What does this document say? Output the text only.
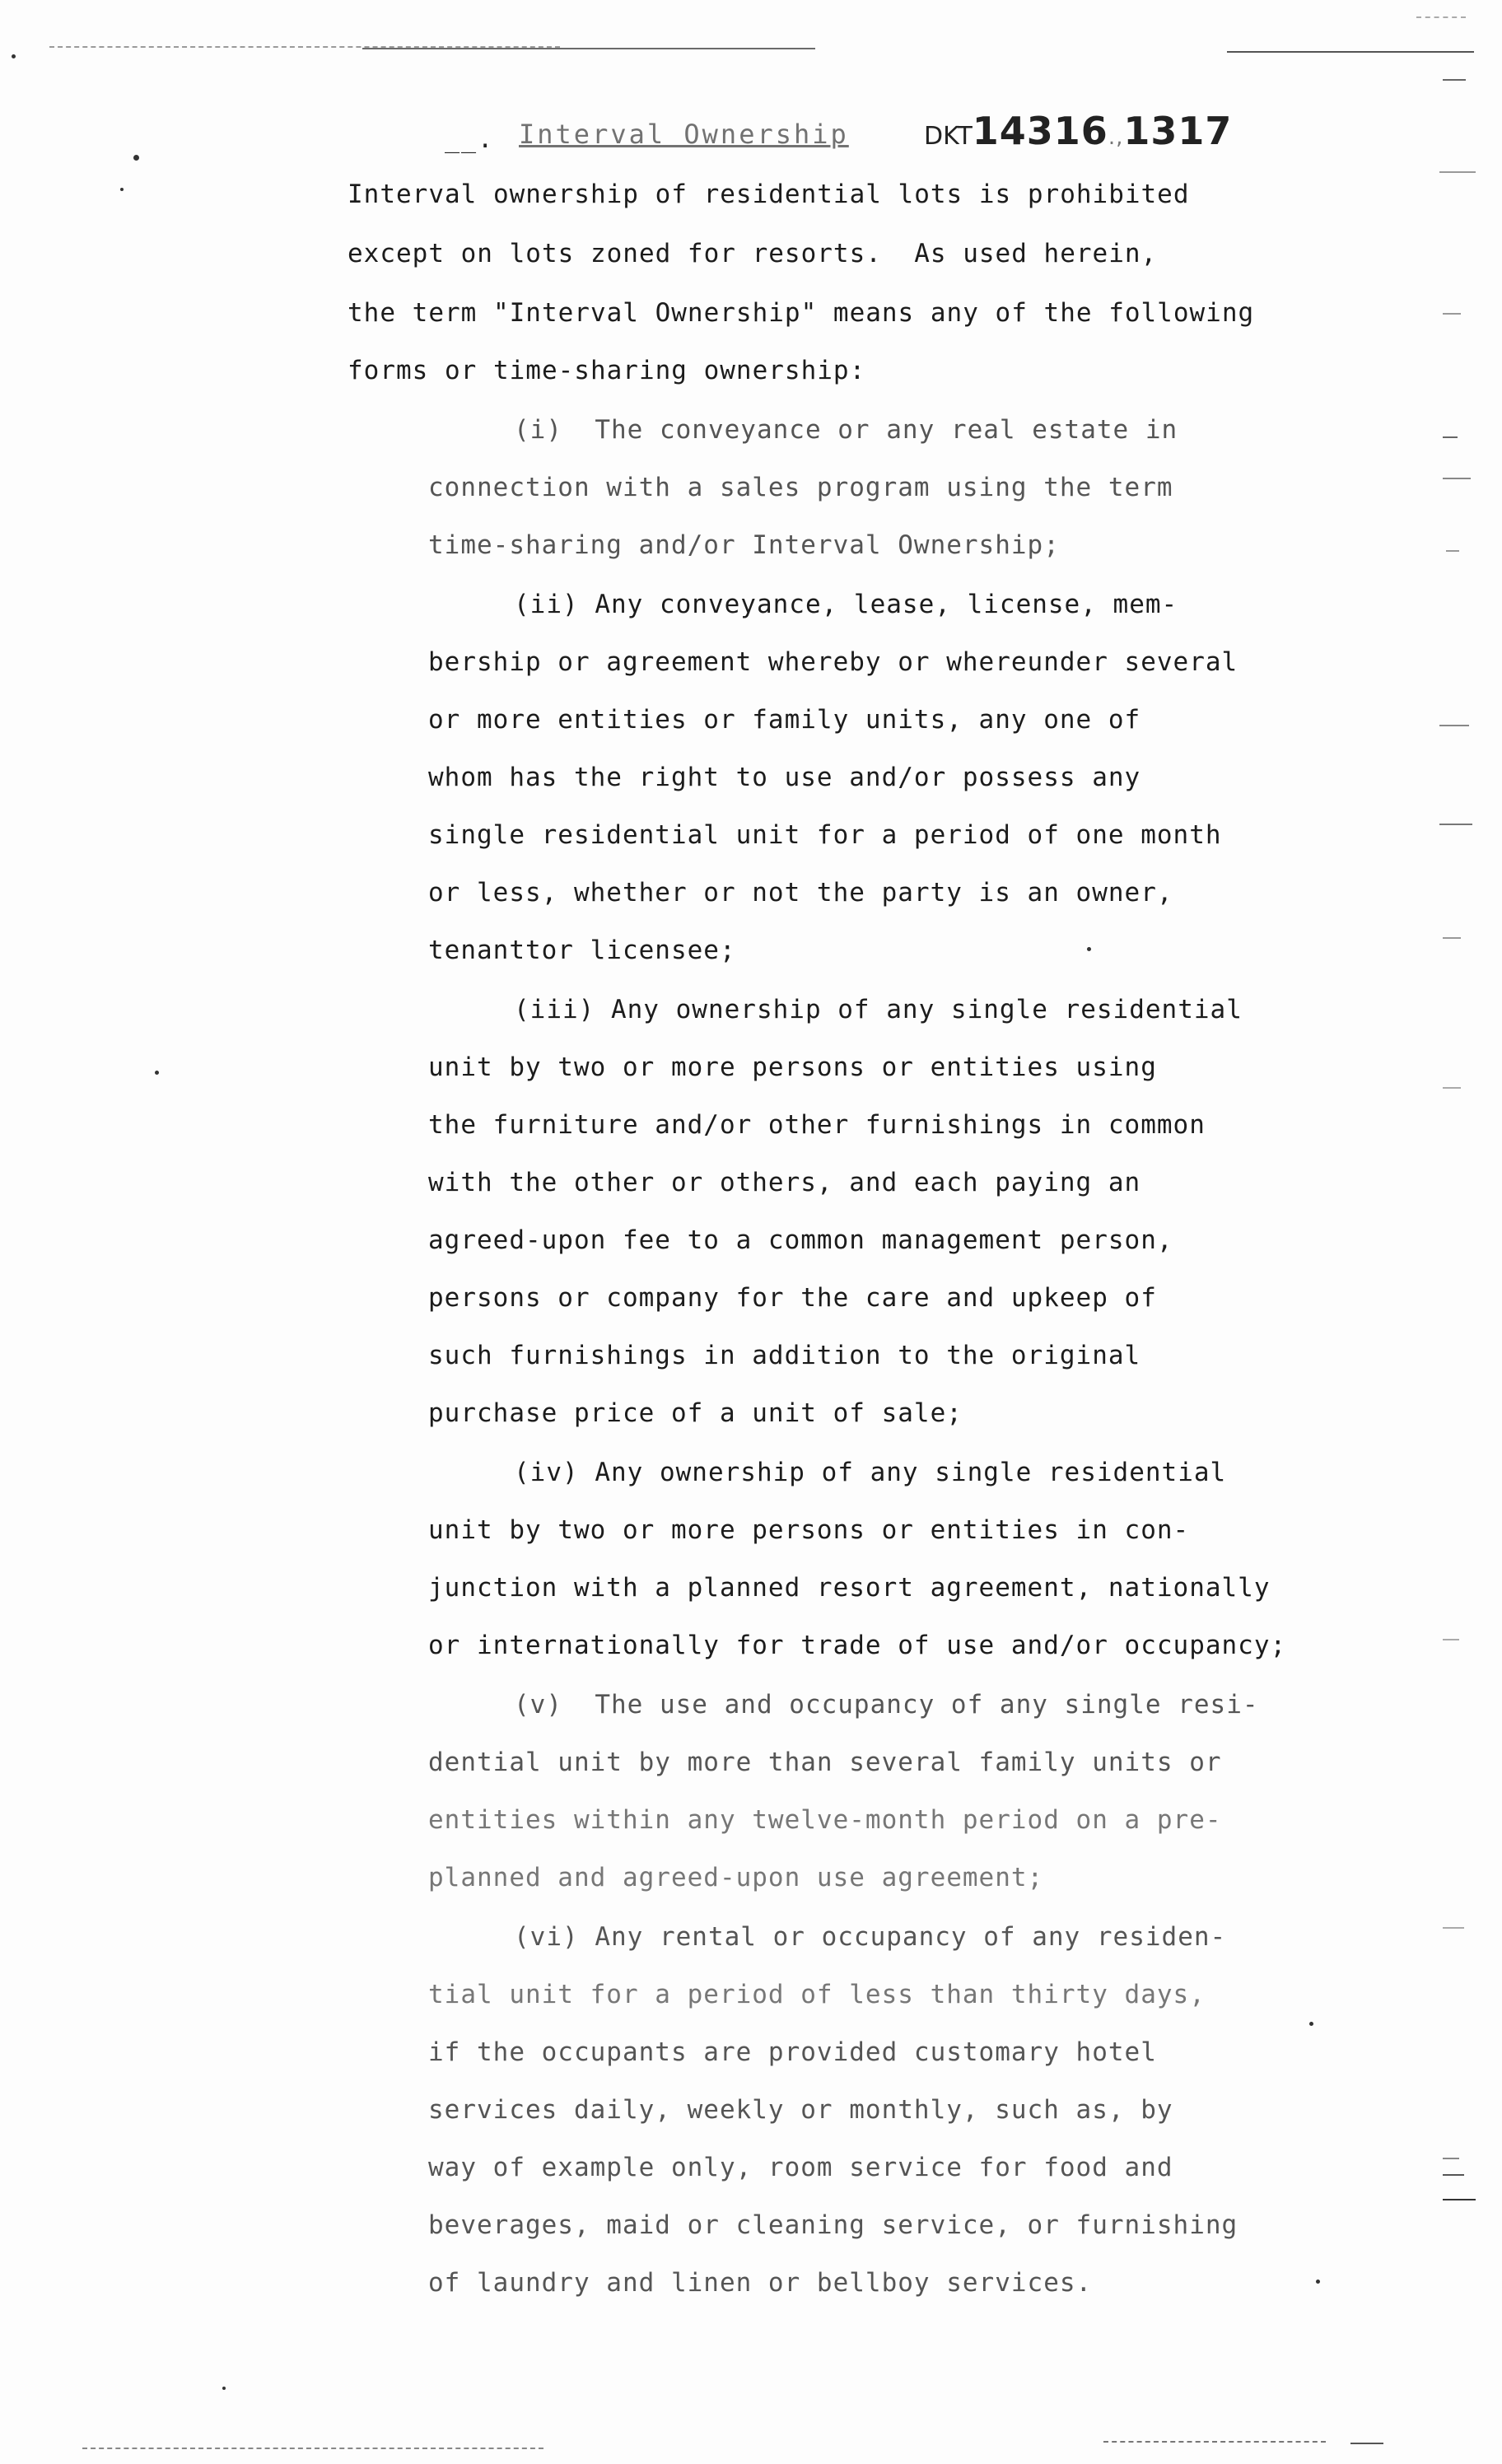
__. Interval Ownership	DKT14316.,1317
Interval ownership of residential lots is prohibited
except on lots zoned for resorts.  As used herein,
the term "Interval Ownership" means any of the following
forms or time-sharing ownership:
(i)  The conveyance or any real estate in
connection with a sales program using the term
time-sharing and/or Interval Ownership;
(ii) Any conveyance, lease, license, mem-
bership or agreement whereby or whereunder several
or more entities or family units, any one of
whom has the right to use and/or possess any
single residential unit for a period of one month
or less, whether or not the party is an owner,
tenanttor licensee;
(iii) Any ownership of any single residential
unit by two or more persons or entities using
the furniture and/or other furnishings in common
with the other or others, and each paying an
agreed-upon fee to a common management person,
persons or company for the care and upkeep of
such furnishings in addition to the original
purchase price of a unit of sale;
(iv) Any ownership of any single residential
unit by two or more persons or entities in con-
junction with a planned resort agreement, nationally
or internationally for trade of use and/or occupancy;
(v)  The use and occupancy of any single resi-
dential unit by more than several family units or
entities within any twelve-month period on a pre-
planned and agreed-upon use agreement;
(vi) Any rental or occupancy of any residen-
tial unit for a period of less than thirty days,
if the occupants are provided customary hotel
services daily, weekly or monthly, such as, by
way of example only, room service for food and
beverages, maid or cleaning service, or furnishing
of laundry and linen or bellboy services.
